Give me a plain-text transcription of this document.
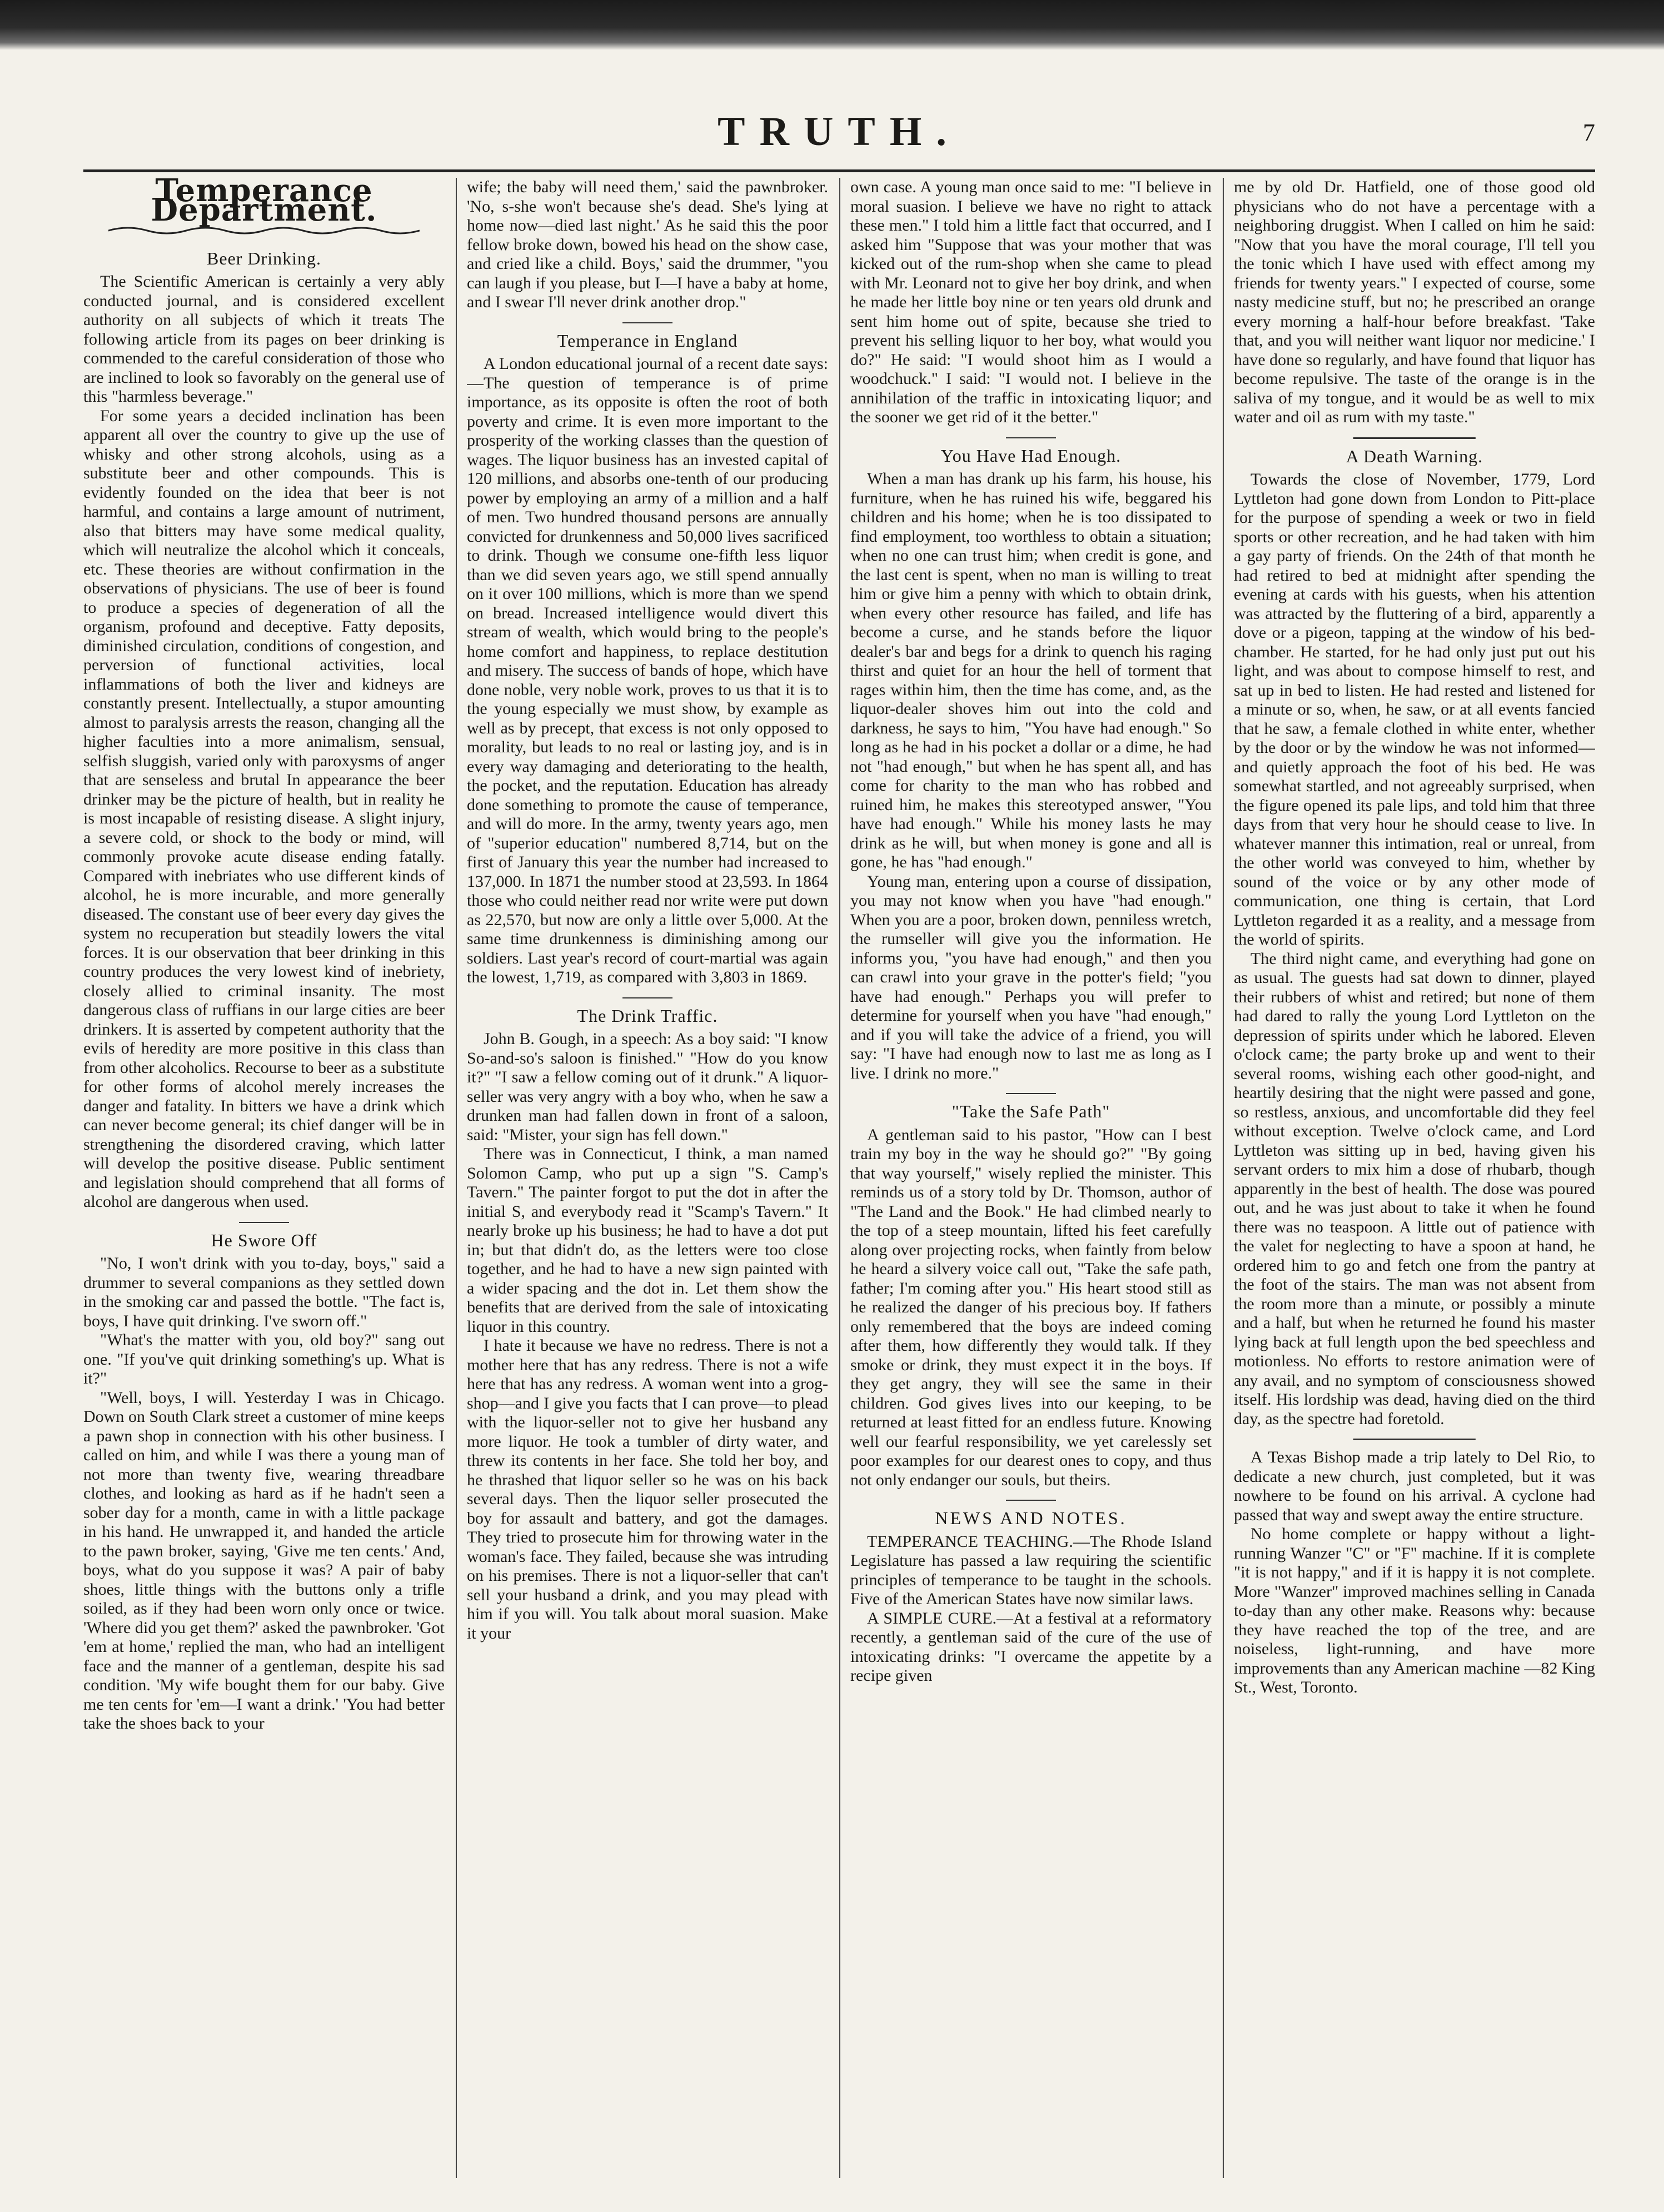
TRUTH.	7
Temperance Department.
Beer Drinking.

The Scientific American is certainly a very ably conducted journal, and is considered excellent authority on all subjects of which it treats The following article from its pages on beer drinking is commended to the careful consideration of those who are inclined to look so favorably on the general use of this "harmless beverage."

For some years a decided inclination has been apparent all over the country to give up the use of whisky and other strong alcohols, using as a substitute beer and other compounds. This is evidently founded on the idea that beer is not harmful, and contains a large amount of nutriment, also that bitters may have some medical quality, which will neutralize the alcohol which it conceals, etc. These theories are without confirmation in the observations of physicians. The use of beer is found to produce a species of degeneration of all the organism, profound and deceptive. Fatty deposits, diminished circulation, conditions of congestion, and perversion of functional activities, local inflammations of both the liver and kidneys are constantly present. Intellectually, a stupor amounting almost to paralysis arrests the reason, changing all the higher faculties into a more animalism, sensual, selfish sluggish, varied only with paroxysms of anger that are senseless and brutal In appearance the beer drinker may be the picture of health, but in reality he is most incapable of resisting disease. A slight injury, a severe cold, or shock to the body or mind, will commonly provoke acute disease ending fatally. Compared with inebriates who use different kinds of alcohol, he is more incurable, and more generally diseased. The constant use of beer every day gives the system no recuperation but steadily lowers the vital forces. It is our observation that beer drinking in this country produces the very lowest kind of inebriety, closely allied to criminal insanity. The most dangerous class of ruffians in our large cities are beer drinkers. It is asserted by competent authority that the evils of heredity are more positive in this class than from other alcoholics. Recourse to beer as a substitute for other forms of alcohol merely increases the danger and fatality. In bitters we have a drink which can never become general; its chief danger will be in strengthening the disordered craving, which latter will develop the positive disease. Public sentiment and legislation should comprehend that all forms of alcohol are dangerous when used.

He Swore Off

"No, I won't drink with you to-day, boys," said a drummer to several companions as they settled down in the smoking car and passed the bottle. "The fact is, boys, I have quit drinking. I've sworn off."

"What's the matter with you, old boy?" sang out one. "If you've quit drinking something's up. What is it?"

"Well, boys, I will. Yesterday I was in Chicago. Down on South Clark street a customer of mine keeps a pawn shop in connection with his other business. I called on him, and while I was there a young man of not more than twenty five, wearing threadbare clothes, and looking as hard as if he hadn't seen a sober day for a month, came in with a little package in his hand. He unwrapped it, and handed the article to the pawn broker, saying, 'Give me ten cents.' And, boys, what do you suppose it was? A pair of baby shoes, little things with the buttons only a trifle soiled, as if they had been worn only once or twice. 'Where did you get them?' asked the pawnbroker. 'Got 'em at home,' replied the man, who had an intelligent face and the manner of a gentleman, despite his sad condition. 'My wife bought them for our baby. Give me ten cents for 'em—I want a drink.' 'You had better take the shoes back to your

wife; the baby will need them,' said the pawnbroker. 'No, s-she won't because she's dead. She's lying at home now—died last night.' As he said this the poor fellow broke down, bowed his head on the show case, and cried like a child. Boys,' said the drummer, "you can laugh if you please, but I—I have a baby at home, and I swear I'll never drink another drop."

Temperance in England

A London educational journal of a recent date says:—The question of temperance is of prime importance, as its opposite is often the root of both poverty and crime. It is even more important to the prosperity of the working classes than the question of wages. The liquor business has an invested capital of 120 millions, and absorbs one-tenth of our producing power by employing an army of a million and a half of men. Two hundred thousand persons are annually convicted for drunkenness and 50,000 lives sacrificed to drink. Though we consume one-fifth less liquor than we did seven years ago, we still spend annually on it over 100 millions, which is more than we spend on bread. Increased intelligence would divert this stream of wealth, which would bring to the people's home comfort and happiness, to replace destitution and misery. The success of bands of hope, which have done noble, very noble work, proves to us that it is to the young especially we must show, by example as well as by precept, that excess is not only opposed to morality, but leads to no real or lasting joy, and is in every way damaging and deteriorating to the health, the pocket, and the reputation. Education has already done something to promote the cause of temperance, and will do more. In the army, twenty years ago, men of "superior education" numbered 8,714, but on the first of January this year the number had increased to 137,000. In 1871 the number stood at 23,593. In 1864 those who could neither read nor write were put down as 22,570, but now are only a little over 5,000. At the same time drunkenness is diminishing among our soldiers. Last year's record of court-martial was again the lowest, 1,719, as compared with 3,803 in 1869.

The Drink Traffic.

John B. Gough, in a speech: As a boy said: "I know So-and-so's saloon is finished." "How do you know it?" "I saw a fellow coming out of it drunk." A liquor-seller was very angry with a boy who, when he saw a drunken man had fallen down in front of a saloon, said: "Mister, your sign has fell down."

There was in Connecticut, I think, a man named Solomon Camp, who put up a sign "S. Camp's Tavern." The painter forgot to put the dot in after the initial S, and everybody read it "Scamp's Tavern." It nearly broke up his business; he had to have a dot put in; but that didn't do, as the letters were too close together, and he had to have a new sign painted with a wider spacing and the dot in. Let them show the benefits that are derived from the sale of intoxicating liquor in this country.

I hate it because we have no redress. There is not a mother here that has any redress. There is not a wife here that has any redress. A woman went into a grog-shop—and I give you facts that I can prove—to plead with the liquor-seller not to give her husband any more liquor. He took a tumbler of dirty water, and threw its contents in her face. She told her boy, and he thrashed that liquor seller so he was on his back several days. Then the liquor seller prosecuted the boy for assault and battery, and got the damages. They tried to prosecute him for throwing water in the woman's face. They failed, because she was intruding on his premises. There is not a liquor-seller that can't sell your husband a drink, and you may plead with him if you will. You talk about moral suasion. Make it your

own case. A young man once said to me: "I believe in moral suasion. I believe we have no right to attack these men." I told him a little fact that occurred, and I asked him "Suppose that was your mother that was kicked out of the rum-shop when she came to plead with Mr. Leonard not to give her boy drink, and when he made her little boy nine or ten years old drunk and sent him home out of spite, because she tried to prevent his selling liquor to her boy, what would you do?" He said: "I would shoot him as I would a woodchuck." I said: "I would not. I believe in the annihilation of the traffic in intoxicating liquor; and the sooner we get rid of it the better."

You Have Had Enough.

When a man has drank up his farm, his house, his furniture, when he has ruined his wife, beggared his children and his home; when he is too dissipated to find employment, too worthless to obtain a situation; when no one can trust him; when credit is gone, and the last cent is spent, when no man is willing to treat him or give him a penny with which to obtain drink, when every other resource has failed, and life has become a curse, and he stands before the liquor dealer's bar and begs for a drink to quench his raging thirst and quiet for an hour the hell of torment that rages within him, then the time has come, and, as the liquor-dealer shoves him out into the cold and darkness, he says to him, "You have had enough." So long as he had in his pocket a dollar or a dime, he had not "had enough," but when he has spent all, and has come for charity to the man who has robbed and ruined him, he makes this stereotyped answer, "You have had enough." While his money lasts he may drink as he will, but when money is gone and all is gone, he has "had enough."

Young man, entering upon a course of dissipation, you may not know when you have "had enough." When you are a poor, broken down, penniless wretch, the rumseller will give you the information. He informs you, "you have had enough," and then you can crawl into your grave in the potter's field; "you have had enough." Perhaps you will prefer to determine for yourself when you have "had enough," and if you will take the advice of a friend, you will say: "I have had enough now to last me as long as I live. I drink no more."

"Take the Safe Path"

A gentleman said to his pastor, "How can I best train my boy in the way he should go?" "By going that way yourself," wisely replied the minister. This reminds us of a story told by Dr. Thomson, author of "The Land and the Book." He had climbed nearly to the top of a steep mountain, lifted his feet carefully along over projecting rocks, when faintly from below he heard a silvery voice call out, "Take the safe path, father; I'm coming after you." His heart stood still as he realized the danger of his precious boy. If fathers only remembered that the boys are indeed coming after them, how differently they would talk. If they smoke or drink, they must expect it in the boys. If they get angry, they will see the same in their children. God gives lives into our keeping, to be returned at least fitted for an endless future. Knowing well our fearful responsibility, we yet carelessly set poor examples for our dearest ones to copy, and thus not only endanger our souls, but theirs.

NEWS AND NOTES.

TEMPERANCE TEACHING.—The Rhode Island Legislature has passed a law requiring the scientific principles of temperance to be taught in the schools. Five of the American States have now similar laws.

A SIMPLE CURE.—At a festival at a reformatory recently, a gentleman said of the cure of the use of intoxicating drinks: "I overcame the appetite by a recipe given

me by old Dr. Hatfield, one of those good old physicians who do not have a percentage with a neighboring druggist. When I called on him he said: "Now that you have the moral courage, I'll tell you the tonic which I have used with effect among my friends for twenty years." I expected of course, some nasty medicine stuff, but no; he prescribed an orange every morning a half-hour before breakfast. 'Take that, and you will neither want liquor nor medicine.' I have done so regularly, and have found that liquor has become repulsive. The taste of the orange is in the saliva of my tongue, and it would be as well to mix water and oil as rum with my taste."

A Death Warning.

Towards the close of November, 1779, Lord Lyttleton had gone down from London to Pitt-place for the purpose of spending a week or two in field sports or other recreation, and he had taken with him a gay party of friends. On the 24th of that month he had retired to bed at midnight after spending the evening at cards with his guests, when his attention was attracted by the fluttering of a bird, apparently a dove or a pigeon, tapping at the window of his bed-chamber. He started, for he had only just put out his light, and was about to compose himself to rest, and sat up in bed to listen. He had rested and listened for a minute or so, when, he saw, or at all events fancied that he saw, a female clothed in white enter, whether by the door or by the window he was not informed—and quietly approach the foot of his bed. He was somewhat startled, and not agreeably surprised, when the figure opened its pale lips, and told him that three days from that very hour he should cease to live. In whatever manner this intimation, real or unreal, from the other world was conveyed to him, whether by sound of the voice or by any other mode of communication, one thing is certain, that Lord Lyttleton regarded it as a reality, and a message from the world of spirits.

The third night came, and everything had gone on as usual. The guests had sat down to dinner, played their rubbers of whist and retired; but none of them had dared to rally the young Lord Lyttleton on the depression of spirits under which he labored. Eleven o'clock came; the party broke up and went to their several rooms, wishing each other good-night, and heartily desiring that the night were passed and gone, so restless, anxious, and uncomfortable did they feel without exception. Twelve o'clock came, and Lord Lyttleton was sitting up in bed, having given his servant orders to mix him a dose of rhubarb, though apparently in the best of health. The dose was poured out, and he was just about to take it when he found there was no teaspoon. A little out of patience with the valet for neglecting to have a spoon at hand, he ordered him to go and fetch one from the pantry at the foot of the stairs. The man was not absent from the room more than a minute, or possibly a minute and a half, but when he returned he found his master lying back at full length upon the bed speechless and motionless. No efforts to restore animation were of any avail, and no symptom of consciousness showed itself. His lordship was dead, having died on the third day, as the spectre had foretold.

A Texas Bishop made a trip lately to Del Rio, to dedicate a new church, just completed, but it was nowhere to be found on his arrival. A cyclone had passed that way and swept away the entire structure.

No home complete or happy without a light-running Wanzer "C" or "F" machine. If it is complete "it is not happy," and if it is happy it is not complete. More "Wanzer" improved machines selling in Canada to-day than any other make. Reasons why: because they have reached the top of the tree, and are noiseless, light-running, and have more improvements than any American machine —82 King St., West, Toronto.
